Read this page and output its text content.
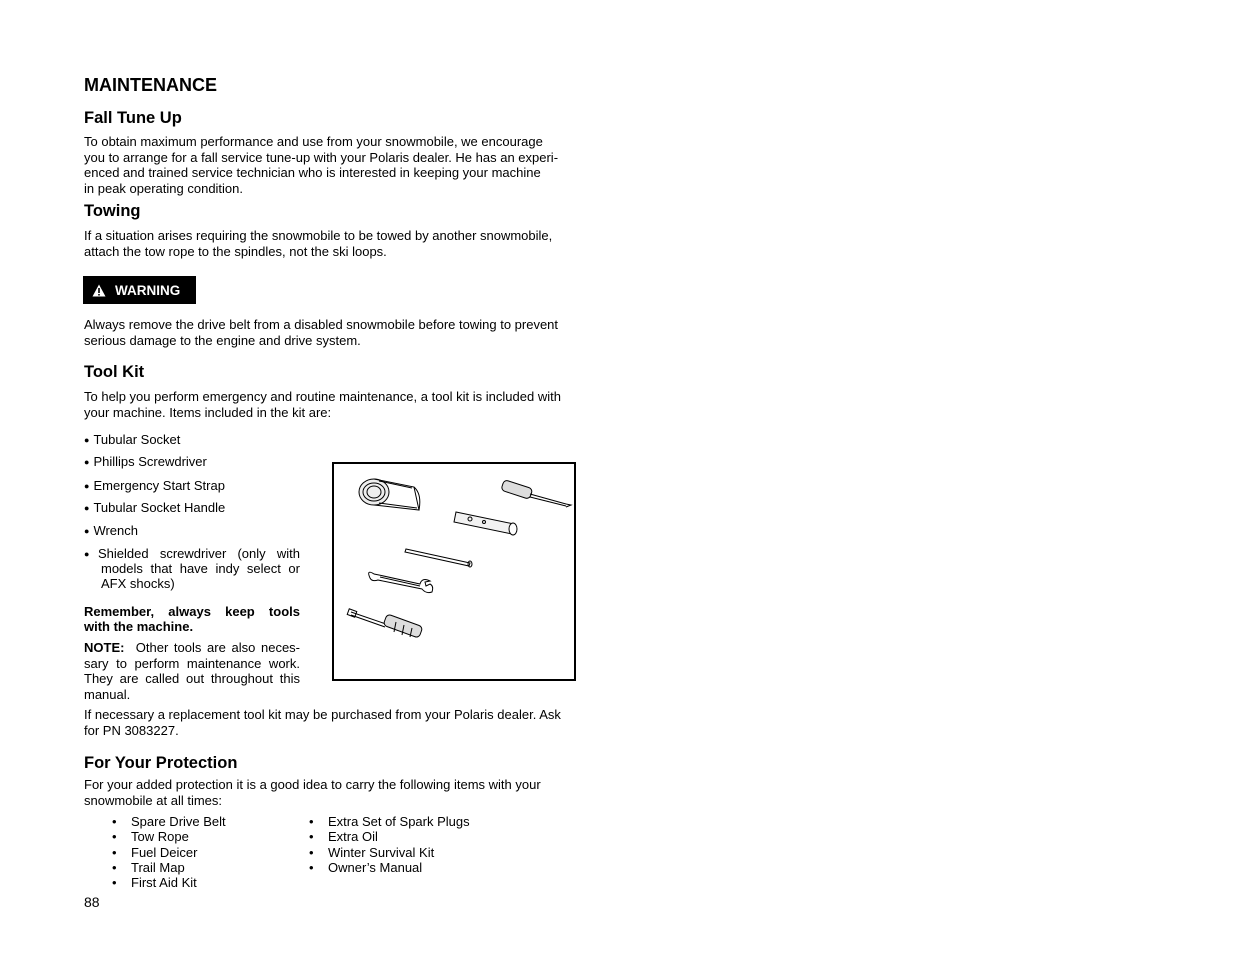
MAINTENANCE
Fall Tune Up
To obtain maximum performance and use from your snowmobile, we encourage
you to arrange for a fall service tune-up with your Polaris dealer. He has an experi-
enced and trained service technician who is interested in keeping your machine
in peak operating condition.
Towing
If a situation arises requiring the snowmobile to be towed by another snowmobile,
attach the tow rope to the spindles, not the ski loops.
WARNING
Always remove the drive belt from a disabled snowmobile before towing to prevent
serious damage to the engine and drive system.
Tool Kit
To help you perform emergency and routine maintenance, a tool kit is included with
your machine. Items included in the kit are:
● Tubular Socket
● Phillips Screwdriver
● Emergency Start Strap
● Tubular Socket Handle
● Wrench
●
Shielded screwdriver (only with
models that have indy select or
AFX shocks)
Remember, always keep tools
with the machine.
NOTE: Other tools are also neces-
sary to perform maintenance work.
They are called out throughout this
manual.
If necessary a replacement tool kit may be purchased from your Polaris dealer. Ask
for PN 3083227.
For Your Protection
For your added protection it is a good idea to carry the following items with your
snowmobile at all times:
• Spare Drive Belt
• Tow Rope
• Fuel Deicer
• Trail Map
• First Aid Kit
• Extra Set of Spark Plugs
• Extra Oil
• Winter Survival Kit
• Owner’s Manual
88
